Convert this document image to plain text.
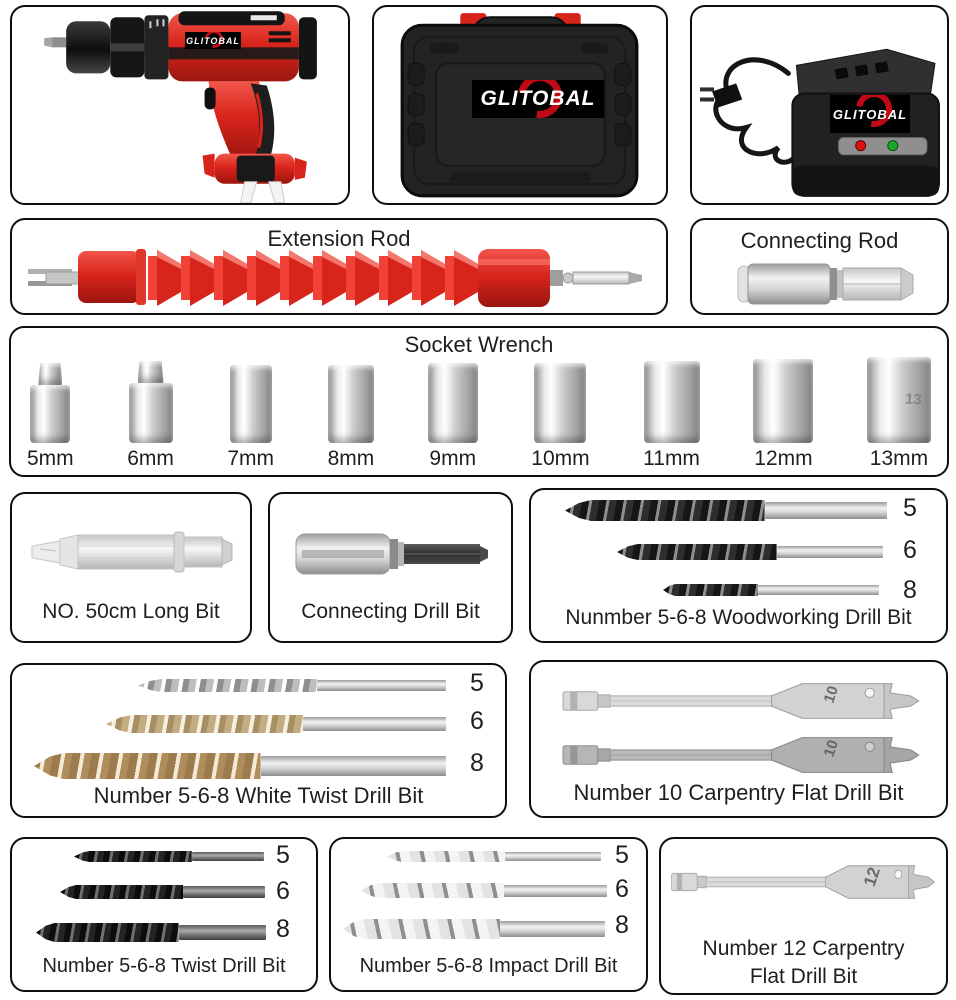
GLITOBAL
GLITOBAL
GLITOBAL
Extension Rod	Connecting Rod
Socket Wrench
5mm	6mm	7mm	8mm	9mm	10mm	11mm	12mm
13
13mm
NO. 50cm Long Bit	Connecting Drill Bit
5
6
8
Nunmber 5-6-8 Woodworking Drill Bit
5
6
8
Number 5-6-8 White Twist Drill Bit
10
10
Number 10 Carpentry Flat Drill Bit
5
6
8
Number 5-6-8 Twist Drill Bit
5
6
8
Number 5-6-8 Impact Drill Bit
12
Number 12 Carpentry
Flat Drill Bit
